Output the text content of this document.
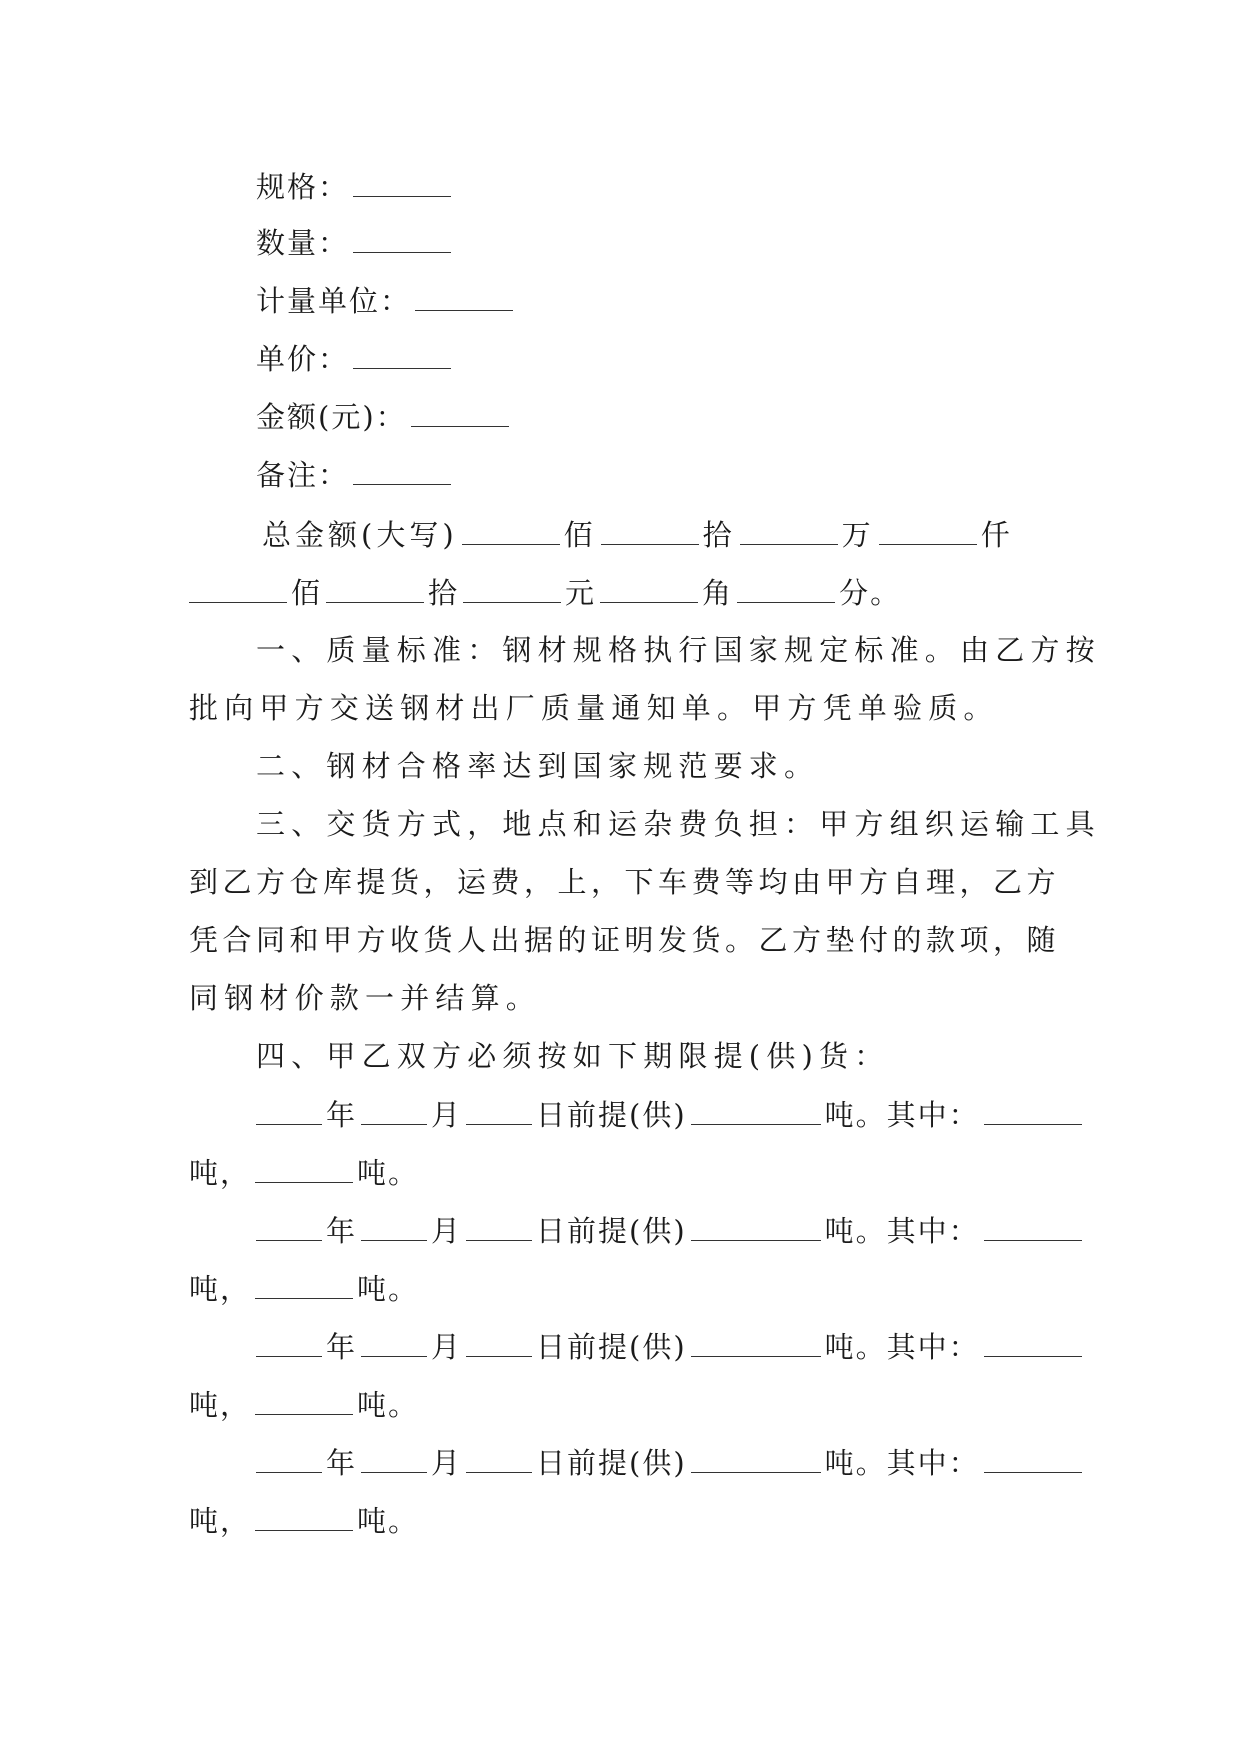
规格：
数量：
计量单位：
单价：
金额(元)：
备注：
总金额(大写)	佰	拾	万	仟
佰	拾	元	角	分。
一、质量标准：钢材规格执行国家规定标准。由乙方按
批向甲方交送钢材出厂质量通知单。甲方凭单验质。
二、钢材合格率达到国家规范要求。
三、交货方式，地点和运杂费负担：甲方组织运输工具
到乙方仓库提货，运费，上，下车费等均由甲方自理，乙方
凭合同和甲方收货人出据的证明发货。乙方垫付的款项，随
同钢材价款一并结算。
四、甲乙双方必须按如下期限提(供)货：
年	月	日前提(供)	吨。其中：
吨，	吨。
年	月	日前提(供)	吨。其中：
吨，	吨。
年	月	日前提(供)	吨。其中：
吨，	吨。
年	月	日前提(供)	吨。其中：
吨，	吨。
